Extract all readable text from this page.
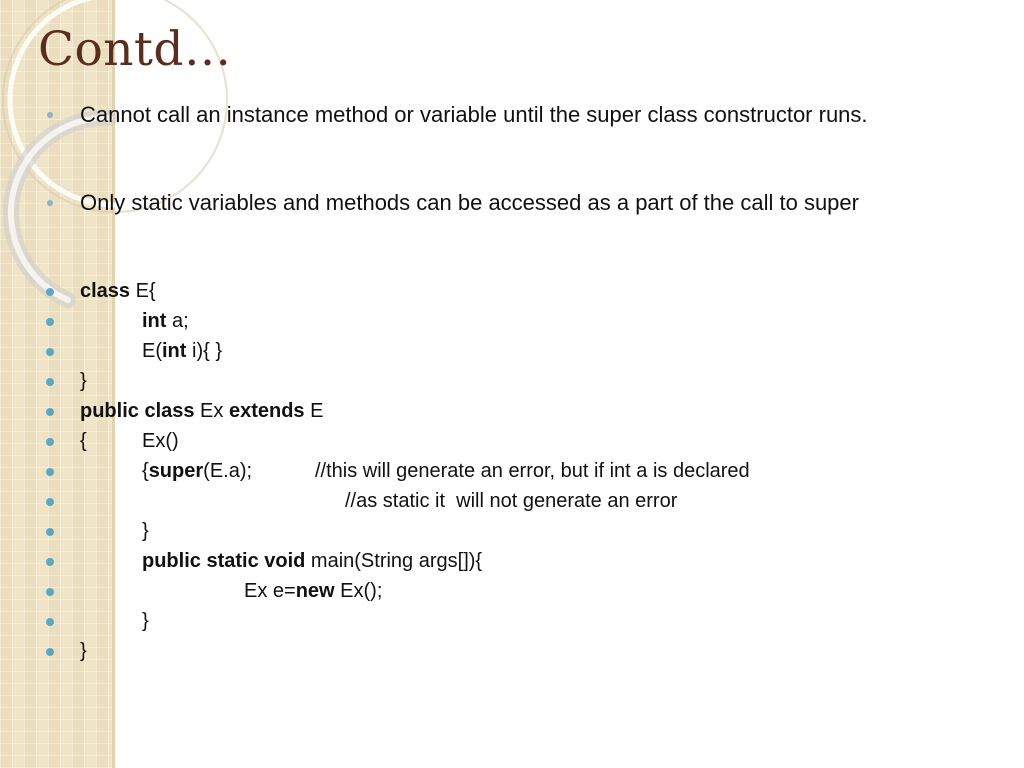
Contd…
Cannot call an instance method or variable until the super class constructor runs.
Only static variables and methods can be accessed as a part of the call to super
class E{
int a;
E(int i){ }
}
public class Ex extends E
{	Ex()
{super(E.a);	//this will generate an error, but if int a is declared
//as static it  will not generate an error
}
public static void main(String args[]){
Ex e=new Ex();
}
}
